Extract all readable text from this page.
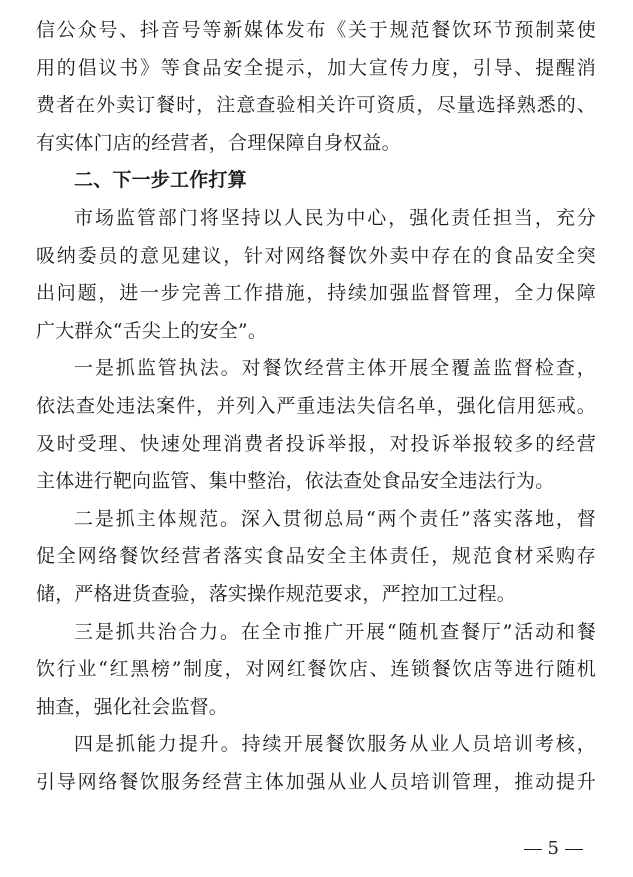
信公众号、抖音号等新媒体发布《关于规范餐饮环节预制菜使
用的倡议书》等食品安全提示，加大宣传力度，引导、提醒消
费者在外卖订餐时，注意查验相关许可资质，尽量选择熟悉的、
有实体门店的经营者，合理保障自身权益。
二、下一步工作打算
市场监管部门将坚持以人民为中心，强化责任担当，充分
吸纳委员的意见建议，针对网络餐饮外卖中存在的食品安全突
出问题，进一步完善工作措施，持续加强监督管理，全力保障
广大群众“舌尖上的安全”。
一是抓监管执法。对餐饮经营主体开展全覆盖监督检查，
依法查处违法案件，并列入严重违法失信名单，强化信用惩戒。
及时受理、快速处理消费者投诉举报，对投诉举报较多的经营
主体进行靶向监管、集中整治，依法查处食品安全违法行为。
二是抓主体规范。深入贯彻总局“两个责任”落实落地，督
促全网络餐饮经营者落实食品安全主体责任，规范食材采购存
储，严格进货查验，落实操作规范要求，严控加工过程。
三是抓共治合力。在全市推广开展“随机查餐厅”活动和餐
饮行业“红黑榜”制度，对网红餐饮店、连锁餐饮店等进行随机
抽查，强化社会监督。
四是抓能力提升。持续开展餐饮服务从业人员培训考核，
引导网络餐饮服务经营主体加强从业人员培训管理，推动提升
5
